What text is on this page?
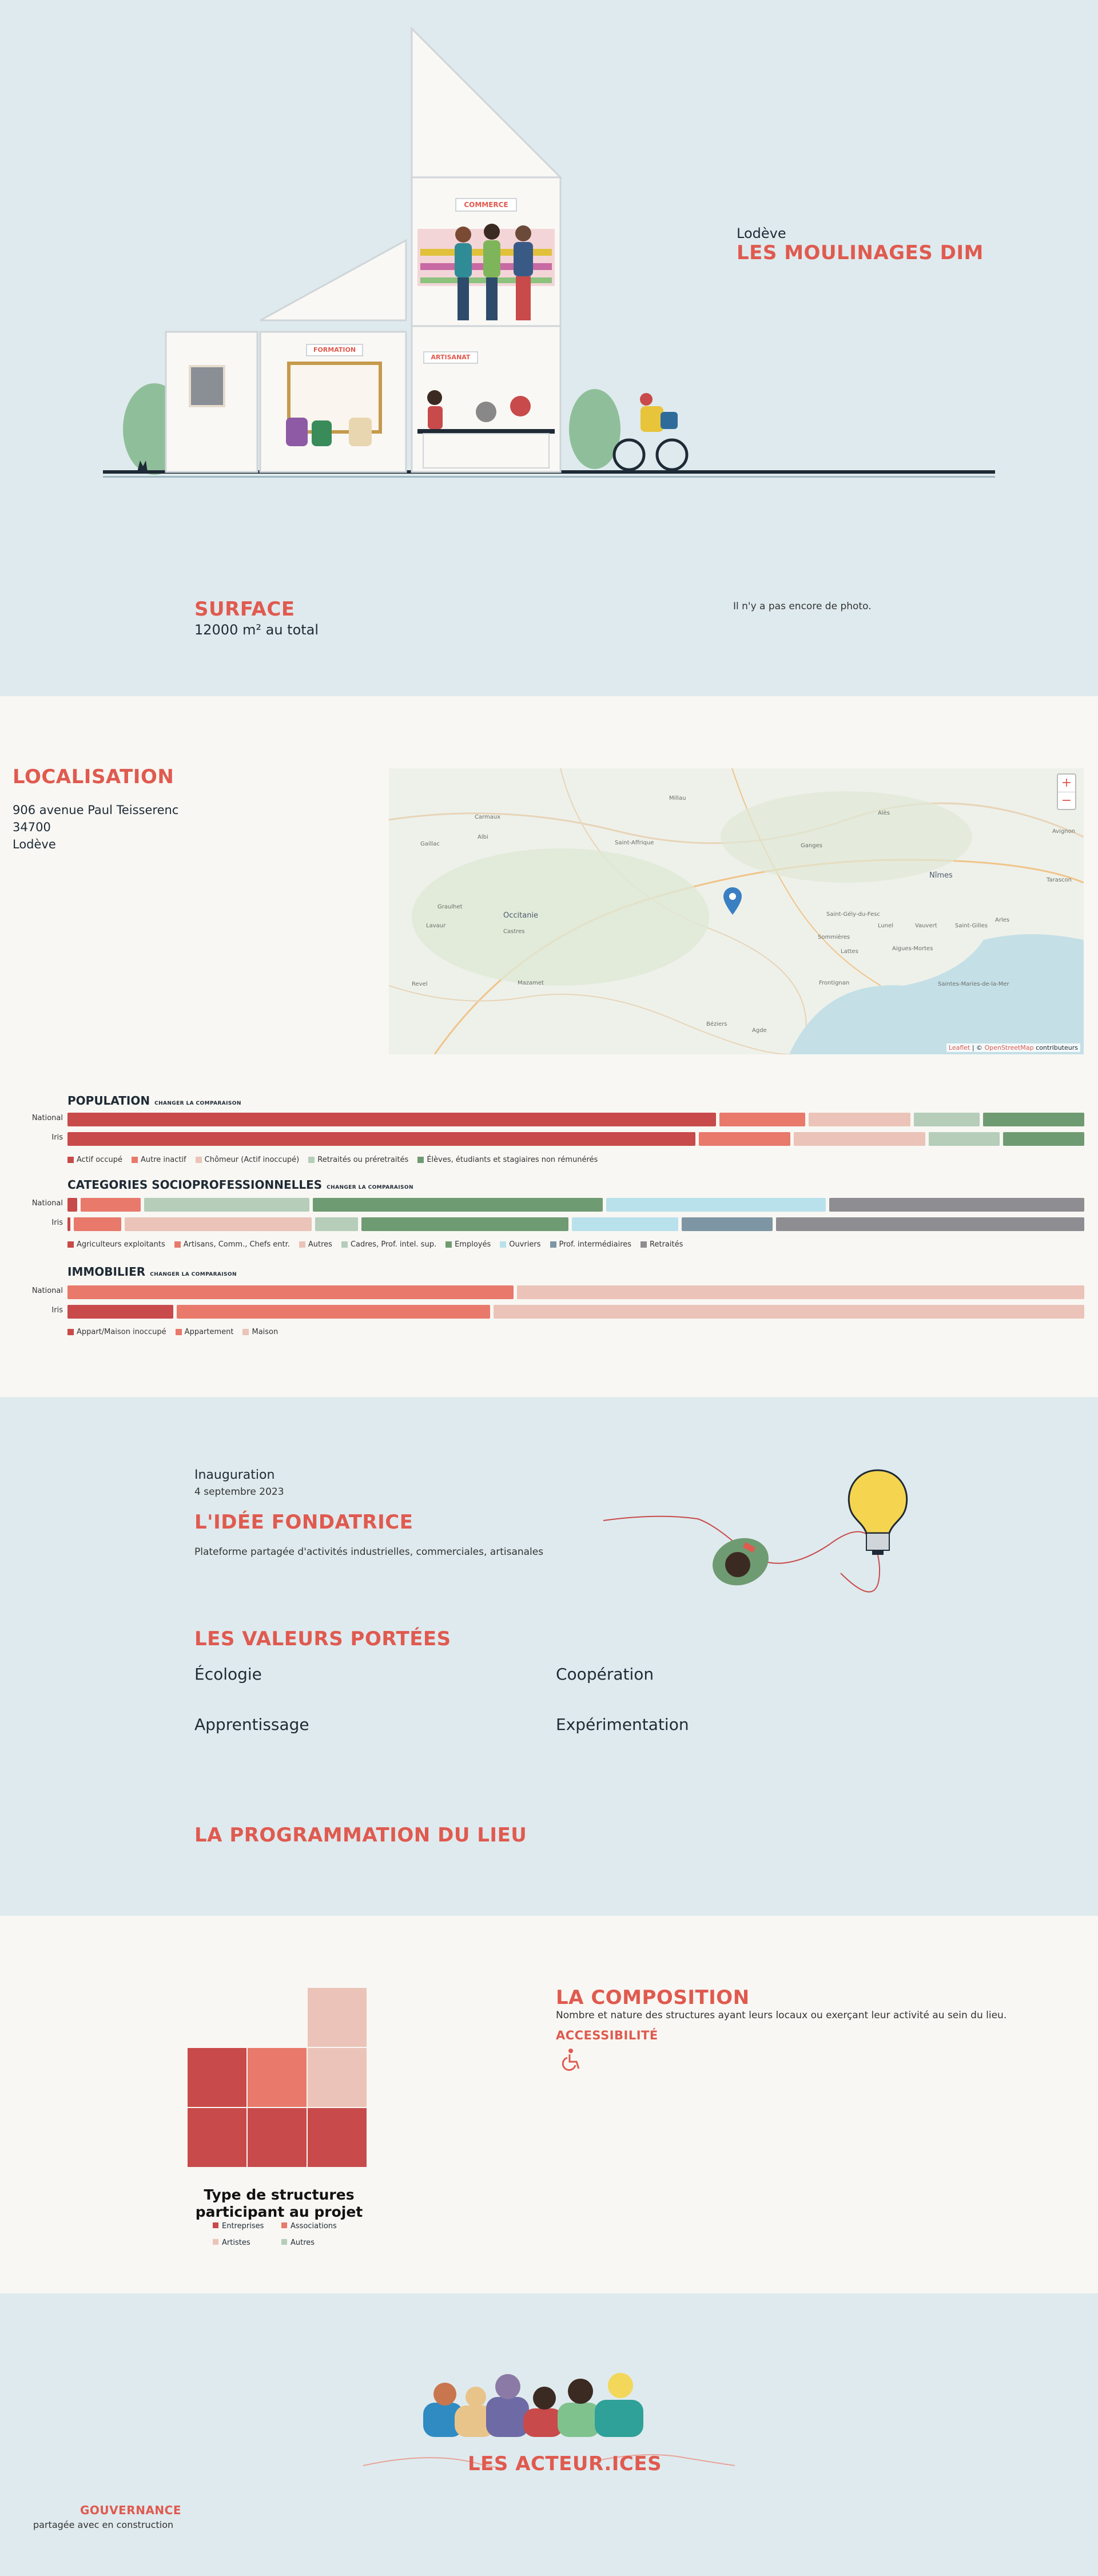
COMMERCE
FORMATION
ARTISANAT
Lodève
LES MOULINAGES DIM
SURFACE
12000 m² au total
Il n'y a pas encore de photo.
LOCALISATION
906 avenue Paul Teisserenc
34700
Lodève
Millau
Alès
Carmaux
Albi
Saint-Affrique	Ganges
Gaillac
Nîmes
Avignon
Tarascon
Graulhet
Lavaur
Castres
Occitanie	Saint-Gély-du-Fesc
Lunel	Vauvert	Saint-Gilles
Arles
Sommières
Lattes	Aigues-Mortes
Mazamet	Frontignan
Revel	Saintes-Maries-de-la-Mer
Béziers
Agde
Leaflet | © OpenStreetMap contributeurs
+
−
POPULATION CHANGER LA COMPARAISON
National
Iris
Actif occupé Autre inactif Chômeur (Actif inoccupé) Retraités ou préretraités Élèves, étudiants et stagiaires non rémunérés
CATEGORIES SOCIOPROFESSIONNELLES CHANGER LA COMPARAISON
National
Iris
Agriculteurs exploitants Artisans, Comm., Chefs entr. Autres Cadres, Prof. intel. sup. Employés Ouvriers Prof. intermédiaires Retraités
IMMOBILIER CHANGER LA COMPARAISON
National
Iris
Appart/Maison inoccupé Appartement Maison
Inauguration
4 septembre 2023
L'IDÉE FONDATRICE
Plateforme partagée d'activités industrielles, commerciales, artisanales
LES VALEURS PORTÉES
Écologie	Coopération
Apprentissage	Expérimentation
LA PROGRAMMATION DU LIEU
Type de structures
participant au projet
Entreprises	Associations
Artistes	Autres
LA COMPOSITION
Nombre et nature des structures ayant leurs locaux ou exerçant leur activité au sein du lieu.
ACCESSIBILITÉ
LES ACTEUR.ICES
GOUVERNANCE
partagée avec en construction
